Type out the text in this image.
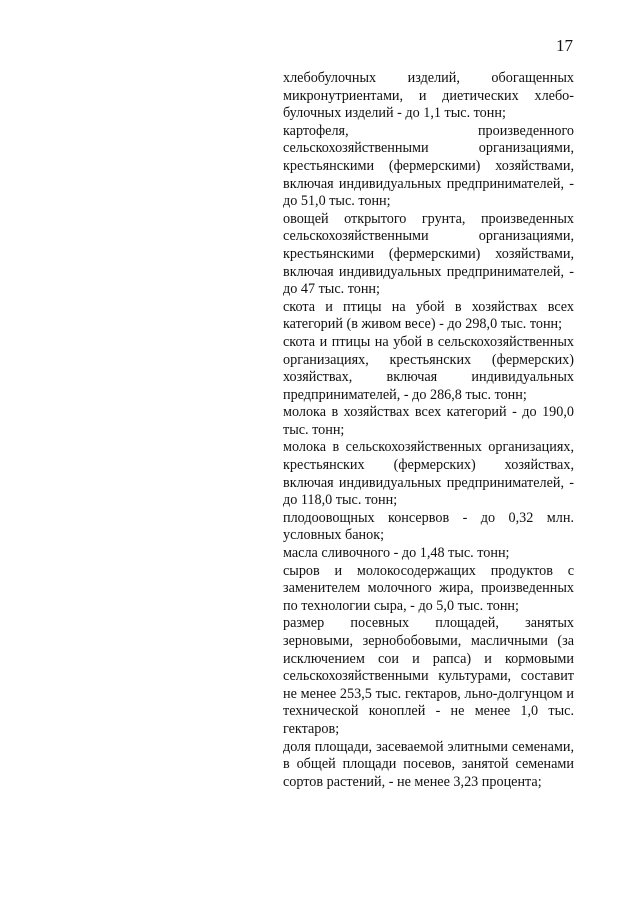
17

хлебобулочных изделий, обогащенных микронутриентами, и диетических хлебо-булочных изделий - до 1,1 тыс. тонн;

картофеля, произведенного сельскохозяйственными организациями, крестьянскими (фермерскими) хозяйствами, включая индивидуальных предпринимателей, - до 51,0 тыс. тонн;

овощей открытого грунта, произведенных сельскохозяйственными организациями, крестьянскими (фермерскими) хозяйствами, включая индивидуальных предпринимателей, - до 47 тыс. тонн;

скота и птицы на убой в хозяйствах всех категорий (в живом весе) - до 298,0 тыс. тонн;

скота и птицы на убой в сельскохозяйственных организациях, крестьянских (фермерских) хозяйствах, включая индивидуальных предпринимателей, - до 286,8 тыс. тонн;

молока в хозяйствах всех категорий - до 190,0 тыс. тонн;

молока в сельскохозяйственных организациях, крестьянских (фермерских) хозяйствах, включая индивидуальных предпринимателей, - до 118,0 тыс. тонн;

плодоовощных консервов - до 0,32 млн. условных банок;

масла сливочного - до 1,48 тыс. тонн;

сыров и молокосодержащих продуктов с заменителем молочного жира, произведенных по технологии сыра, - до 5,0 тыс. тонн;

размер посевных площадей, занятых зерновыми, зернобобовыми, масличными (за исключением сои и рапса) и кормовыми сельскохозяйственными культурами, составит не менее 253,5 тыс. гектаров, льно-долгунцом и технической коноплей - не менее 1,0 тыс. гектаров;

доля площади, засеваемой элитными семенами, в общей площади посевов, занятой семенами сортов растений, - не менее 3,23 процента;
